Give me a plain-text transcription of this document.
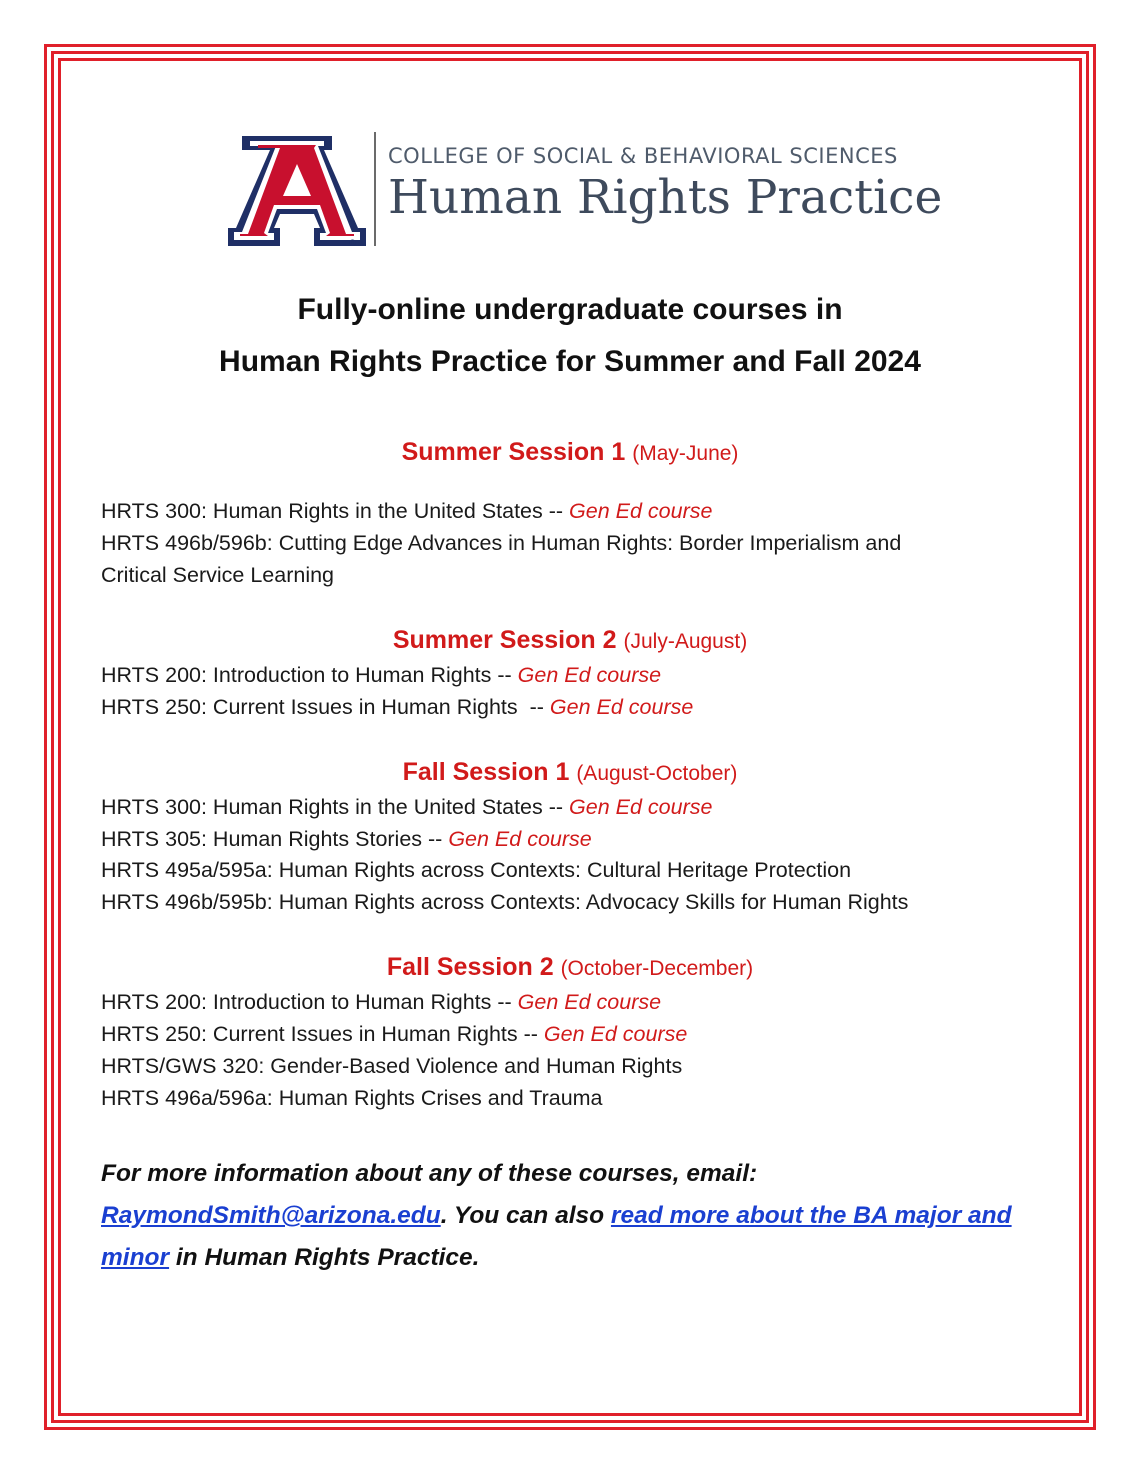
®
COLLEGE OF SOCIAL & BEHAVIORAL SCIENCES
Human Rights Practice
Fully-online undergraduate courses in
Human Rights Practice for Summer and Fall 2024
Summer Session 1 (May-June)
HRTS 300: Human Rights in the United States -- Gen Ed course
HRTS 496b/596b: Cutting Edge Advances in Human Rights: Border Imperialism and
Critical Service Learning
Summer Session 2 (July-August)
HRTS 200: Introduction to Human Rights -- Gen Ed course
HRTS 250: Current Issues in Human Rights  -- Gen Ed course
Fall Session 1 (August-October)
HRTS 300: Human Rights in the United States -- Gen Ed course
HRTS 305: Human Rights Stories -- Gen Ed course
HRTS 495a/595a: Human Rights across Contexts: Cultural Heritage Protection
HRTS 496b/595b: Human Rights across Contexts: Advocacy Skills for Human Rights
Fall Session 2 (October-December)
HRTS 200: Introduction to Human Rights -- Gen Ed course
HRTS 250: Current Issues in Human Rights -- Gen Ed course
HRTS/GWS 320: Gender-Based Violence and Human Rights
HRTS 496a/596a: Human Rights Crises and Trauma
For more information about any of these courses, email: RaymondSmith@arizona.edu. You can also read more about the BA major and minor in Human Rights Practice.
